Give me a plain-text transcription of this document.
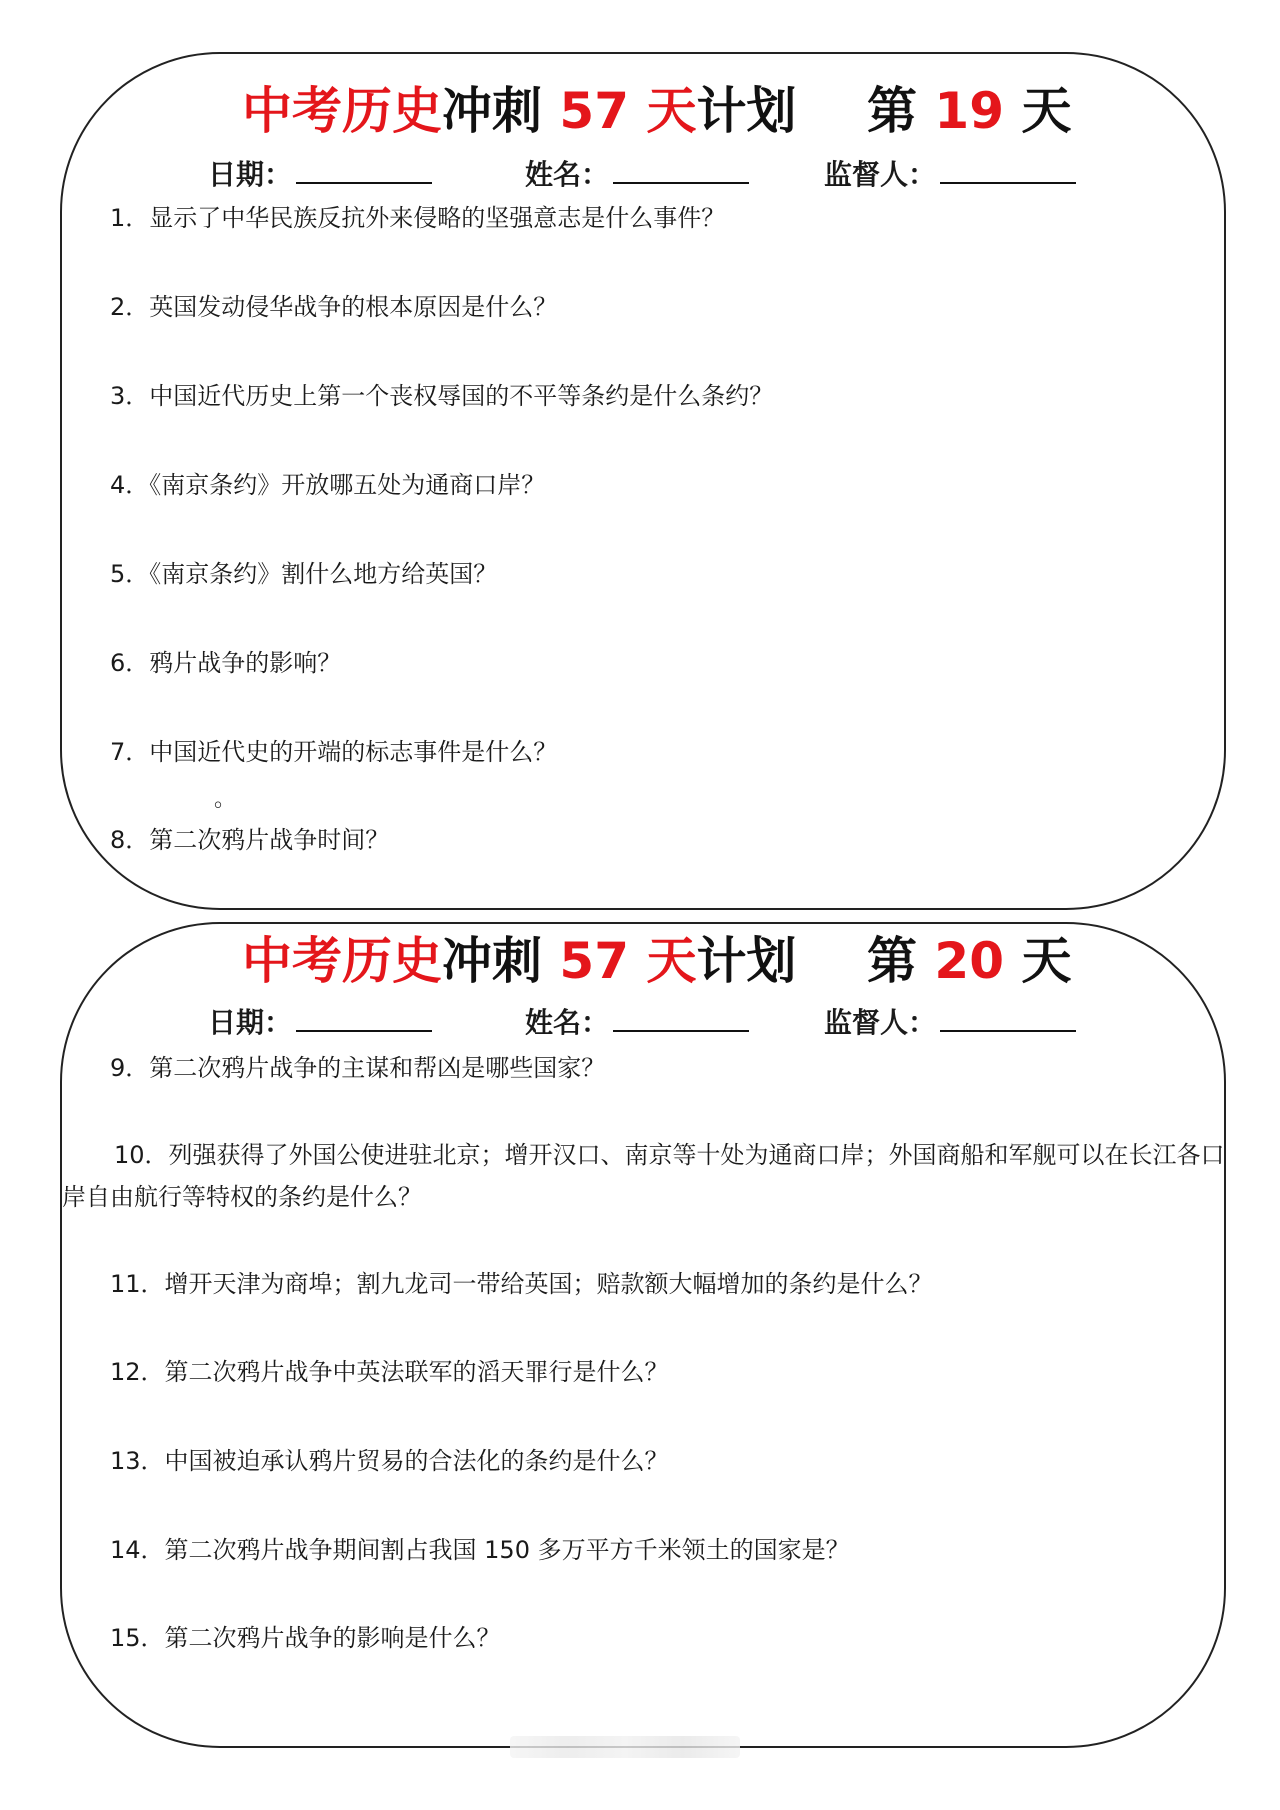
中考历史冲刺 57 天计划 第 19 天
日期：	姓名：	监督人：
1．显示了中华民族反抗外来侵略的坚强意志是什么事件？
2．英国发动侵华战争的根本原因是什么？
3．中国近代历史上第一个丧权辱国的不平等条约是什么条约？
4．《南京条约》开放哪五处为通商口岸？
5．《南京条约》割什么地方给英国？
6．鸦片战争的影响？
7．中国近代史的开端的标志事件是什么？
。
8．第二次鸦片战争时间？
中考历史冲刺 57 天计划 第 20 天
日期：	姓名：	监督人：
9．第二次鸦片战争的主谋和帮凶是哪些国家？
10．列强获得了外国公使进驻北京；增开汉口、南京等十处为通商口岸；外国商船和军舰可以在长江各口岸自由航行等特权的条约是什么？
11．增开天津为商埠；割九龙司一带给英国；赔款额大幅增加的条约是什么？
12．第二次鸦片战争中英法联军的滔天罪行是什么？
13．中国被迫承认鸦片贸易的合法化的条约是什么？
14．第二次鸦片战争期间割占我国 150 多万平方千米领土的国家是？
15．第二次鸦片战争的影响是什么？
